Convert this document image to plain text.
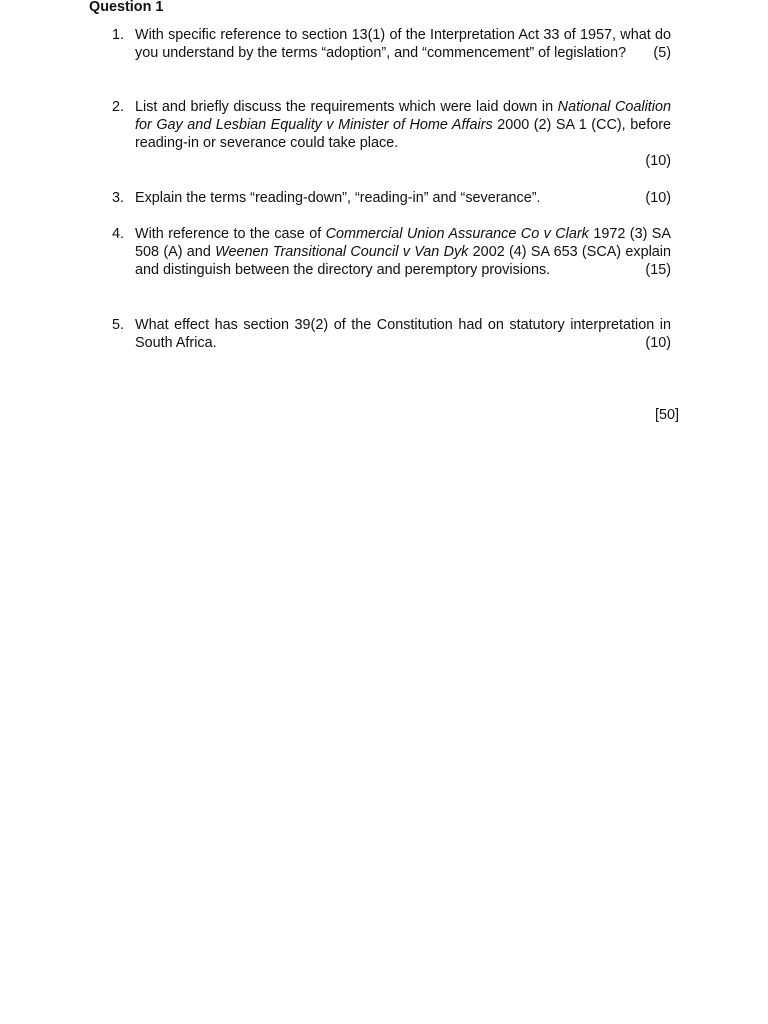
Question 1
1. With specific reference to section 13(1) of the Interpretation Act 33 of 1957, what do you understand by the terms “adoption”, and “commencement” of legislation? (5)
2. List and briefly discuss the requirements which were laid down in National Coalition for Gay and Lesbian Equality v Minister of Home Affairs 2000 (2) SA 1 (CC), before reading-in or severance could take place.
(10)
3. Explain the terms “reading-down”, “reading-in” and “severance”.	(10)
4. With reference to the case of Commercial Union Assurance Co v Clark 1972 (3) SA 508 (A) and Weenen Transitional Council v Van Dyk 2002 (4) SA 653 (SCA) explain and distinguish between the directory and peremptory provisions.	(15)
5. What effect has section 39(2) of the Constitution had on statutory interpretation in South Africa.	(10)
[50]
